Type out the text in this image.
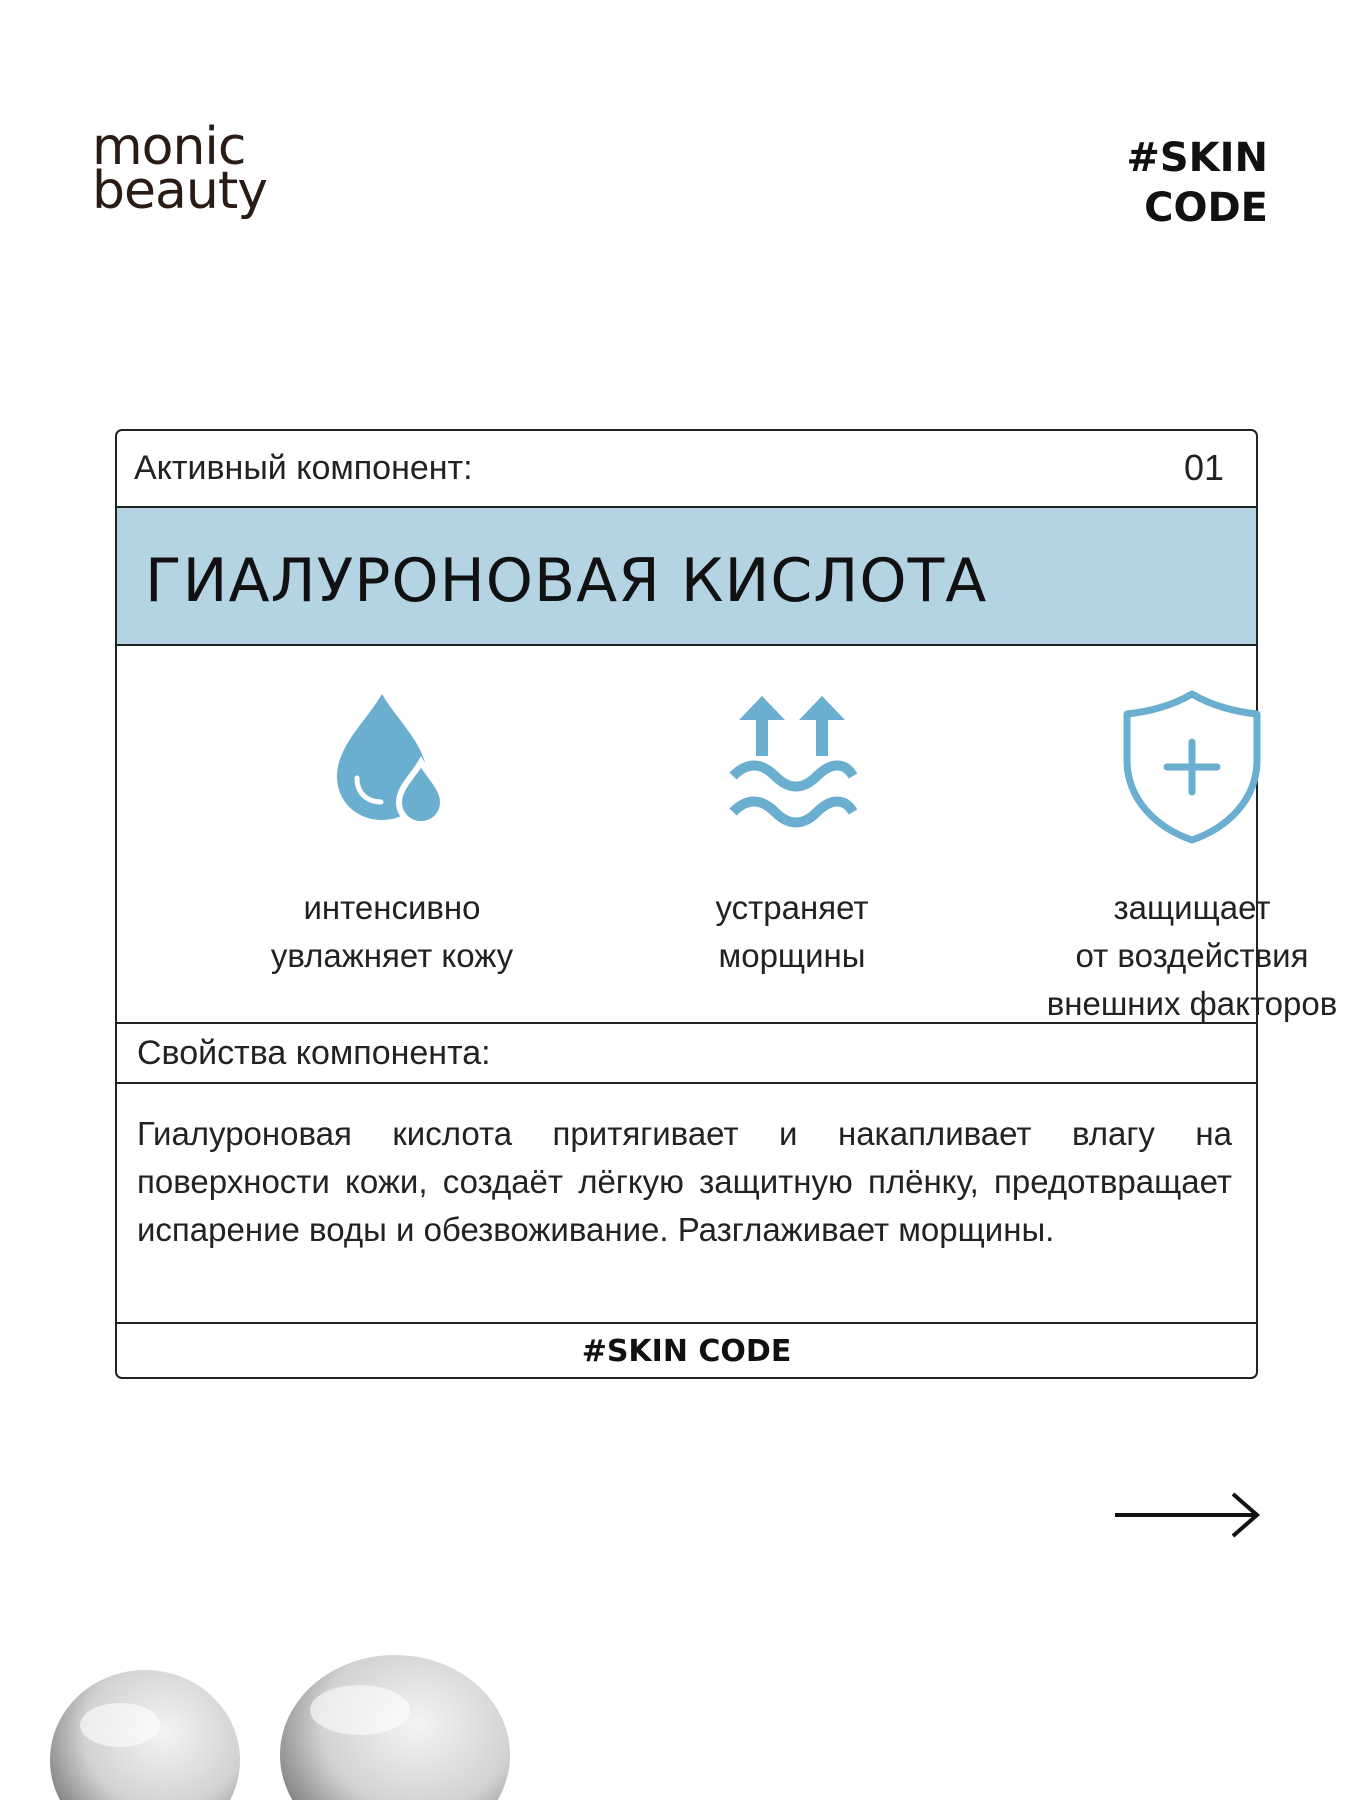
monic
beauty
#SKIN
CODE
Активный компонент:	01
ГИАЛУРОНОВАЯ КИСЛОТА
интенсивно
увлажняет кожу
устраняет
морщины
защищает
от воздействия
внешних факторов
Свойства компонента:

Гиалуроновая кислота притягивает и накапливает влагу на поверхности кожи, создаёт лёгкую защитную плёнку, предотвращает испарение воды и обезвоживание. Разглаживает морщины.

#SKIN CODE
